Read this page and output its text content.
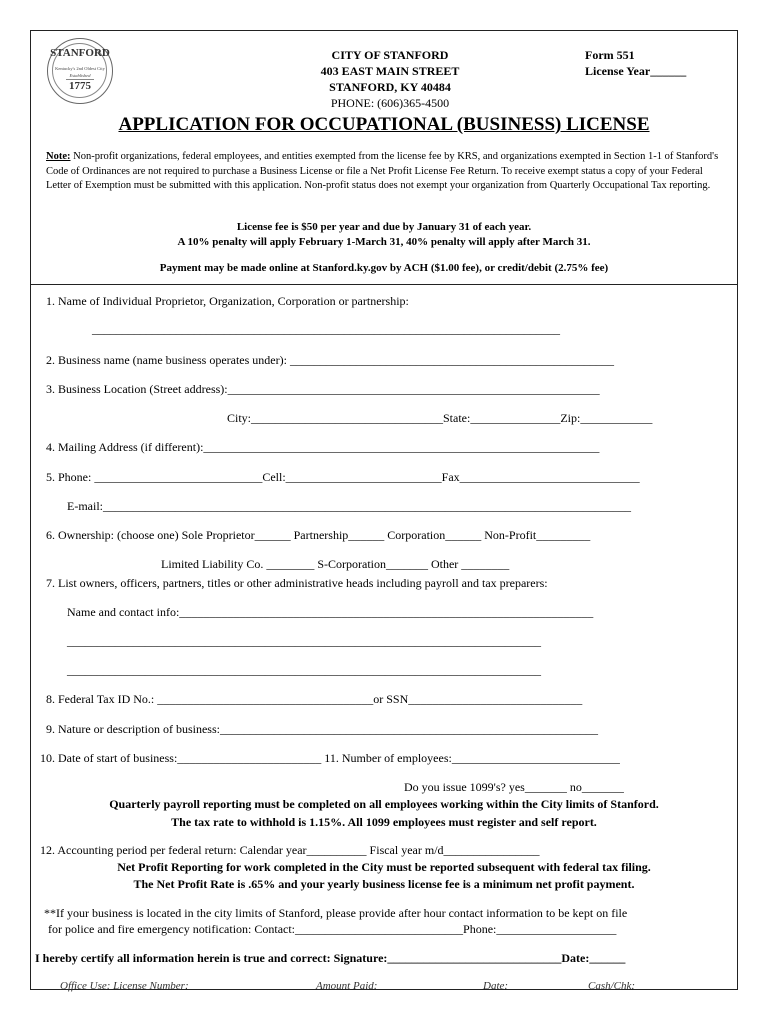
STANFORD
Kentucky's 2nd Oldest City
Established
1775
CITY OF STANFORD
403 EAST MAIN STREET
STANFORD, KY 40484
PHONE: (606)365-4500
Form 551
License Year______
APPLICATION FOR OCCUPATIONAL (BUSINESS) LICENSE
Note: Non-profit organizations, federal employees, and entities exempted from the license fee by KRS, and organizations exempted in Section 1-1 of Stanford's Code of Ordinances are not required to purchase a Business License or file a Net Profit License Fee Return. To receive exempt status a copy of your Federal Letter of Exemption must be submitted with this application. Non-profit status does not exempt your organization from Quarterly Occupational Tax reporting.
License fee is $50 per year and due by January 31 of each year.
A 10% penalty will apply February 1-March 31, 40% penalty will apply after March 31.
Payment may be made online at Stanford.ky.gov by ACH ($1.00 fee), or credit/debit (2.75% fee)
1. Name of Individual Proprietor, Organization, Corporation or partnership:
______________________________________________________________________________
2. Business name (name business operates under): ______________________________________________________
3. Business Location (Street address):______________________________________________________________
City:________________________________State:_______________Zip:____________
4. Mailing Address (if different):__________________________________________________________________
5. Phone: ____________________________Cell:__________________________Fax______________________________
E-mail:________________________________________________________________________________________
6. Ownership: (choose one) Sole Proprietor______ Partnership______ Corporation______ Non-Profit_________
Limited Liability Co. ________ S-Corporation_______ Other ________
7. List owners, officers, partners, titles or other administrative heads including payroll and tax preparers:
Name and contact info:_____________________________________________________________________
_______________________________________________________________________________
_______________________________________________________________________________
8. Federal Tax ID No.: ____________________________________or SSN_____________________________
9. Nature or description of business:_______________________________________________________________
10. Date of start of business:________________________ 11. Number of employees:____________________________
Do you issue 1099's? yes_______ no_______
Quarterly payroll reporting must be completed on all employees working within the City limits of Stanford.
The tax rate to withhold is 1.15%. All 1099 employees must register and self report.
12. Accounting period per federal return: Calendar year__________ Fiscal year m/d________________
Net Profit Reporting for work completed in the City must be reported subsequent with federal tax filing.
The Net Profit Rate is .65% and your yearly business license fee is a minimum net profit payment.
**If your business is located in the city limits of Stanford, please provide after hour contact information to be kept on file
for police and fire emergency notification: Contact:____________________________Phone:____________________
I hereby certify all information herein is true and correct: Signature:_____________________________Date:______
Office Use: License Number:	Amount Paid:	Date:	Cash/Chk:
